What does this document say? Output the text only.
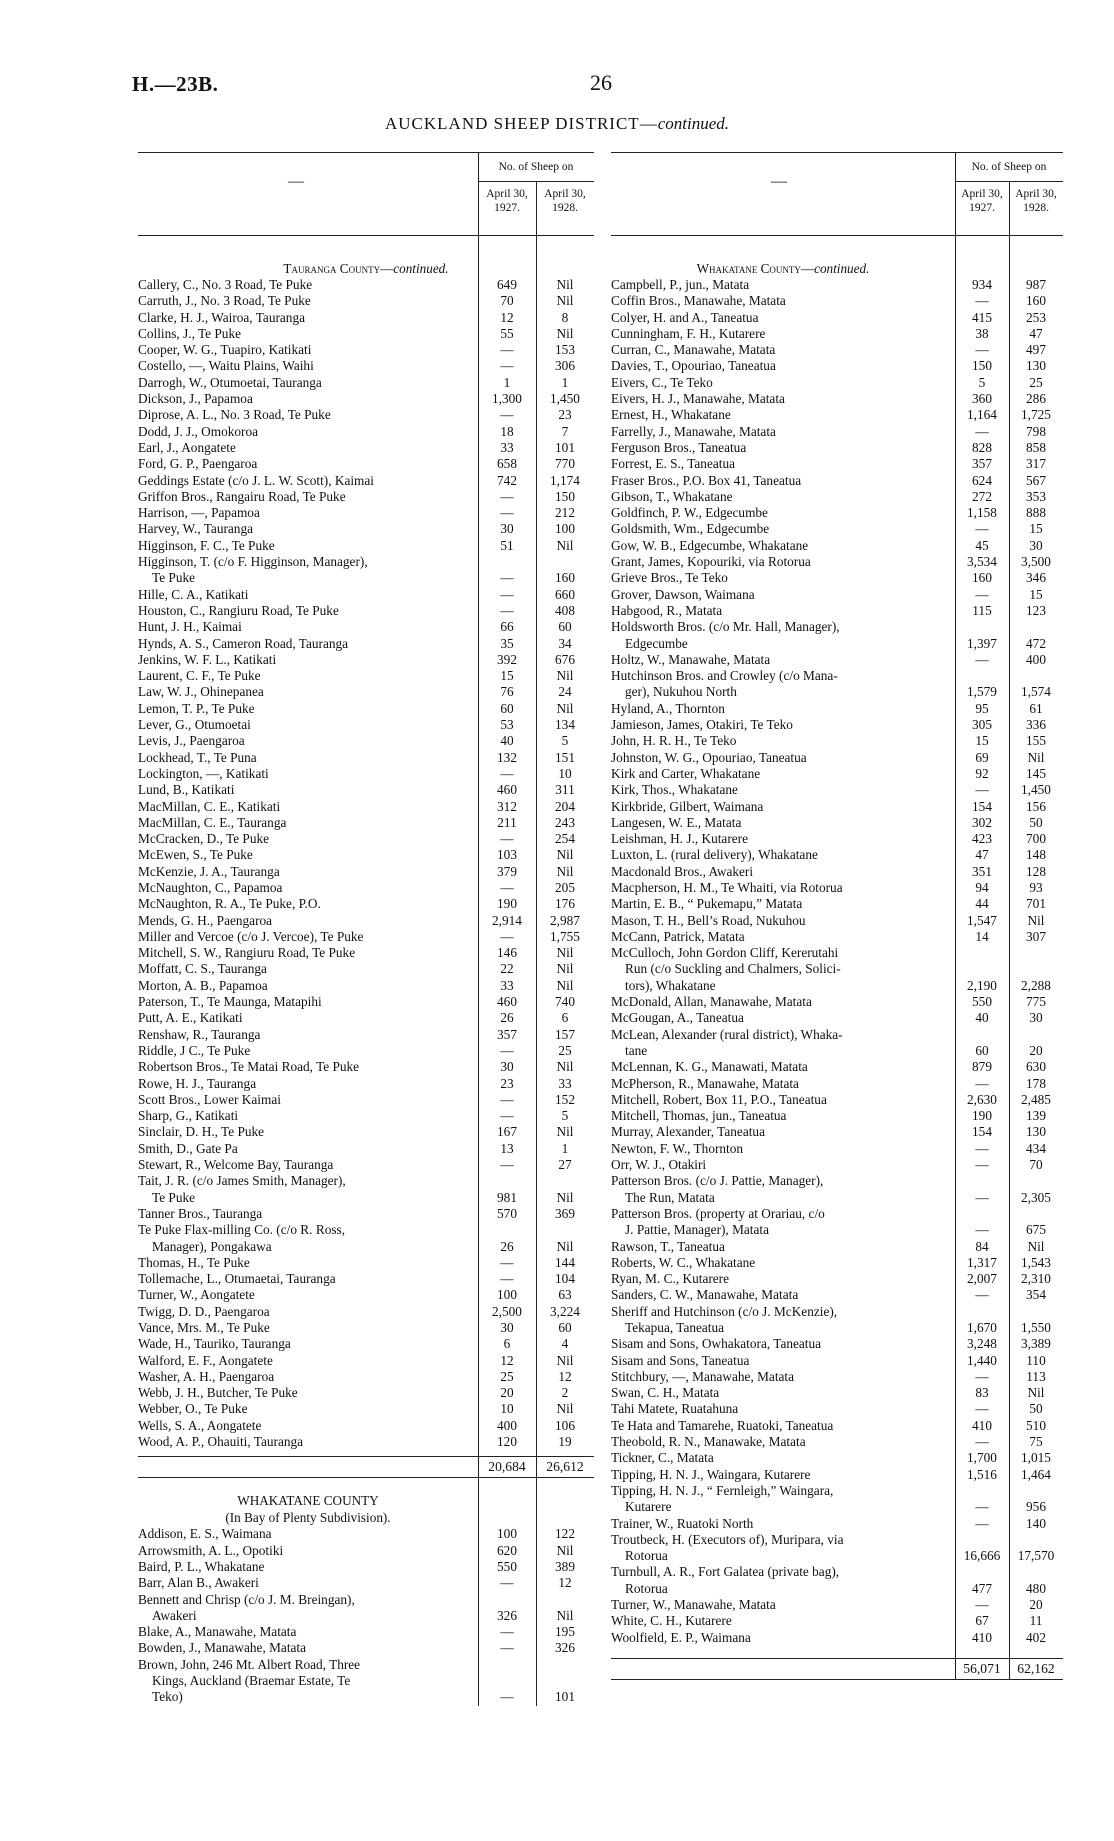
H.—23B.	26
AUCKLAND SHEEP DISTRICT—continued.
—
No. of Sheep on
April 30,
1927.
April 30,
1928.
Tauranga County—continued.
Callery, C., No. 3 Road, Te Puke	649	Nil
Carruth, J., No. 3 Road, Te Puke	70	Nil
Clarke, H. J., Wairoa, Tauranga	12	8
Collins, J., Te Puke	55	Nil
Cooper, W. G., Tuapiro, Katikati	—	153
Costello, —, Waitu Plains, Waihi	—	306
Darrogh, W., Otumoetai, Tauranga	1	1
Dickson, J., Papamoa	1,300	1,450
Diprose, A. L., No. 3 Road, Te Puke	—	23
Dodd, J. J., Omokoroa	18	7
Earl, J., Aongatete	33	101
Ford, G. P., Paengaroa	658	770
Geddings Estate (c/o J. L. W. Scott), Kaimai	742	1,174
Griffon Bros., Rangairu Road, Te Puke	—	150
Harrison, —, Papamoa	—	212
Harvey, W., Tauranga	30	100
Higginson, F. C., Te Puke	51	Nil
Higginson, T. (c/o F. Higginson, Manager),
Te Puke	—	160
Hille, C. A., Katikati	—	660
Houston, C., Rangiuru Road, Te Puke	—	408
Hunt, J. H., Kaimai	66	60
Hynds, A. S., Cameron Road, Tauranga	35	34
Jenkins, W. F. L., Katikati	392	676
Laurent, C. F., Te Puke	15	Nil
Law, W. J., Ohinepanea	76	24
Lemon, T. P., Te Puke	60	Nil
Lever, G., Otumoetai	53	134
Levis, J., Paengaroa	40	5
Lockhead, T., Te Puna	132	151
Lockington, —, Katikati	—	10
Lund, B., Katikati	460	311
MacMillan, C. E., Katikati	312	204
MacMillan, C. E., Tauranga	211	243
McCracken, D., Te Puke	—	254
McEwen, S., Te Puke	103	Nil
McKenzie, J. A., Tauranga	379	Nil
McNaughton, C., Papamoa	—	205
McNaughton, R. A., Te Puke, P.O.	190	176
Mends, G. H., Paengaroa	2,914	2,987
Miller and Vercoe (c/o J. Vercoe), Te Puke	—	1,755
Mitchell, S. W., Rangiuru Road, Te Puke	146	Nil
Moffatt, C. S., Tauranga	22	Nil
Morton, A. B., Papamoa	33	Nil
Paterson, T., Te Maunga, Matapihi	460	740
Putt, A. E., Katikati	26	6
Renshaw, R., Tauranga	357	157
Riddle, J C., Te Puke	—	25
Robertson Bros., Te Matai Road, Te Puke	30	Nil
Rowe, H. J., Tauranga	23	33
Scott Bros., Lower Kaimai	—	152
Sharp, G., Katikati	—	5
Sinclair, D. H., Te Puke	167	Nil
Smith, D., Gate Pa	13	1
Stewart, R., Welcome Bay, Tauranga	—	27
Tait, J. R. (c/o James Smith, Manager),
Te Puke	981	Nil
Tanner Bros., Tauranga	570	369
Te Puke Flax-milling Co. (c/o R. Ross,
Manager), Pongakawa	26	Nil
Thomas, H., Te Puke	—	144
Tollemache, L., Otumaetai, Tauranga	—	104
Turner, W., Aongatete	100	63
Twigg, D. D., Paengaroa	2,500	3,224
Vance, Mrs. M., Te Puke	30	60
Wade, H., Tauriko, Tauranga	6	4
Walford, E. F., Aongatete	12	Nil
Washer, A. H., Paengaroa	25	12
Webb, J. H., Butcher, Te Puke	20	2
Webber, O., Te Puke	10	Nil
Wells, S. A., Aongatete	400	106
Wood, A. P., Ohauiti, Tauranga	120	19
20,684	26,612
WHAKATANE COUNTY
(In Bay of Plenty Subdivision).
Addison, E. S., Waimana	100	122
Arrowsmith, A. L., Opotiki	620	Nil
Baird, P. L., Whakatane	550	389
Barr, Alan B., Awakeri	—	12
Bennett and Chrisp (c/o J. M. Breingan),
Awakeri	326	Nil
Blake, A., Manawahe, Matata	—	195
Bowden, J., Manawahe, Matata	—	326
Brown, John, 246 Mt. Albert Road, Three
Kings, Auckland (Braemar Estate, Te
Teko)	—	101
—
No. of Sheep on
April 30,
1927.
April 30,
1928.
Whakatane County—continued.
Campbell, P., jun., Matata	934	987
Coffin Bros., Manawahe, Matata	—	160
Colyer, H. and A., Taneatua	415	253
Cunningham, F. H., Kutarere	38	47
Curran, C., Manawahe, Matata	—	497
Davies, T., Opouriao, Taneatua	150	130
Eivers, C., Te Teko	5	25
Eivers, H. J., Manawahe, Matata	360	286
Ernest, H., Whakatane	1,164	1,725
Farrelly, J., Manawahe, Matata	—	798
Ferguson Bros., Taneatua	828	858
Forrest, E. S., Taneatua	357	317
Fraser Bros., P.O. Box 41, Taneatua	624	567
Gibson, T., Whakatane	272	353
Goldfinch, P. W., Edgecumbe	1,158	888
Goldsmith, Wm., Edgecumbe	—	15
Gow, W. B., Edgecumbe, Whakatane	45	30
Grant, James, Kopouriki, via Rotorua	3,534	3,500
Grieve Bros., Te Teko	160	346
Grover, Dawson, Waimana	—	15
Habgood, R., Matata	115	123
Holdsworth Bros. (c/o Mr. Hall, Manager),
Edgecumbe	1,397	472
Holtz, W., Manawahe, Matata	—	400
Hutchinson Bros. and Crowley (c/o Mana-
ger), Nukuhou North	1,579	1,574
Hyland, A., Thornton	95	61
Jamieson, James, Otakiri, Te Teko	305	336
John, H. R. H., Te Teko	15	155
Johnston, W. G., Opouriao, Taneatua	69	Nil
Kirk and Carter, Whakatane	92	145
Kirk, Thos., Whakatane	—	1,450
Kirkbride, Gilbert, Waimana	154	156
Langesen, W. E., Matata	302	50
Leishman, H. J., Kutarere	423	700
Luxton, L. (rural delivery), Whakatane	47	148
Macdonald Bros., Awakeri	351	128
Macpherson, H. M., Te Whaiti, via Rotorua	94	93
Martin, E. B., “ Pukemapu,” Matata	44	701
Mason, T. H., Bell’s Road, Nukuhou	1,547	Nil
McCann, Patrick, Matata	14	307
McCulloch, John Gordon Cliff, Kererutahi
Run (c/o Suckling and Chalmers, Solici-
tors), Whakatane	2,190	2,288
McDonald, Allan, Manawahe, Matata	550	775
McGougan, A., Taneatua	40	30
McLean, Alexander (rural district), Whaka-
tane	60	20
McLennan, K. G., Manawati, Matata	879	630
McPherson, R., Manawahe, Matata	—	178
Mitchell, Robert, Box 11, P.O., Taneatua	2,630	2,485
Mitchell, Thomas, jun., Taneatua	190	139
Murray, Alexander, Taneatua	154	130
Newton, F. W., Thornton	—	434
Orr, W. J., Otakiri	—	70
Patterson Bros. (c/o J. Pattie, Manager),
The Run, Matata	—	2,305
Patterson Bros. (property at Orariau, c/o
J. Pattie, Manager), Matata	—	675
Rawson, T., Taneatua	84	Nil
Roberts, W. C., Whakatane	1,317	1,543
Ryan, M. C., Kutarere	2,007	2,310
Sanders, C. W., Manawahe, Matata	—	354
Sheriff and Hutchinson (c/o J. McKenzie),
Tekapua, Taneatua	1,670	1,550
Sisam and Sons, Owhakatora, Taneatua	3,248	3,389
Sisam and Sons, Taneatua	1,440	110
Stitchbury, —, Manawahe, Matata	—	113
Swan, C. H., Matata	83	Nil
Tahi Matete, Ruatahuna	—	50
Te Hata and Tamarehe, Ruatoki, Taneatua	410	510
Theobold, R. N., Manawake, Matata	—	75
Tickner, C., Matata	1,700	1,015
Tipping, H. N. J., Waingara, Kutarere	1,516	1,464
Tipping, H. N. J., “ Fernleigh,” Waingara,
Kutarere	—	956
Trainer, W., Ruatoki North	—	140
Troutbeck, H. (Executors of), Muripara, via
Rotorua	16,666	17,570
Turnbull, A. R., Fort Galatea (private bag),
Rotorua	477	480
Turner, W., Manawahe, Matata	—	20
White, C. H., Kutarere	67	11
Woolfield, E. P., Waimana	410	402
56,071	62,162
